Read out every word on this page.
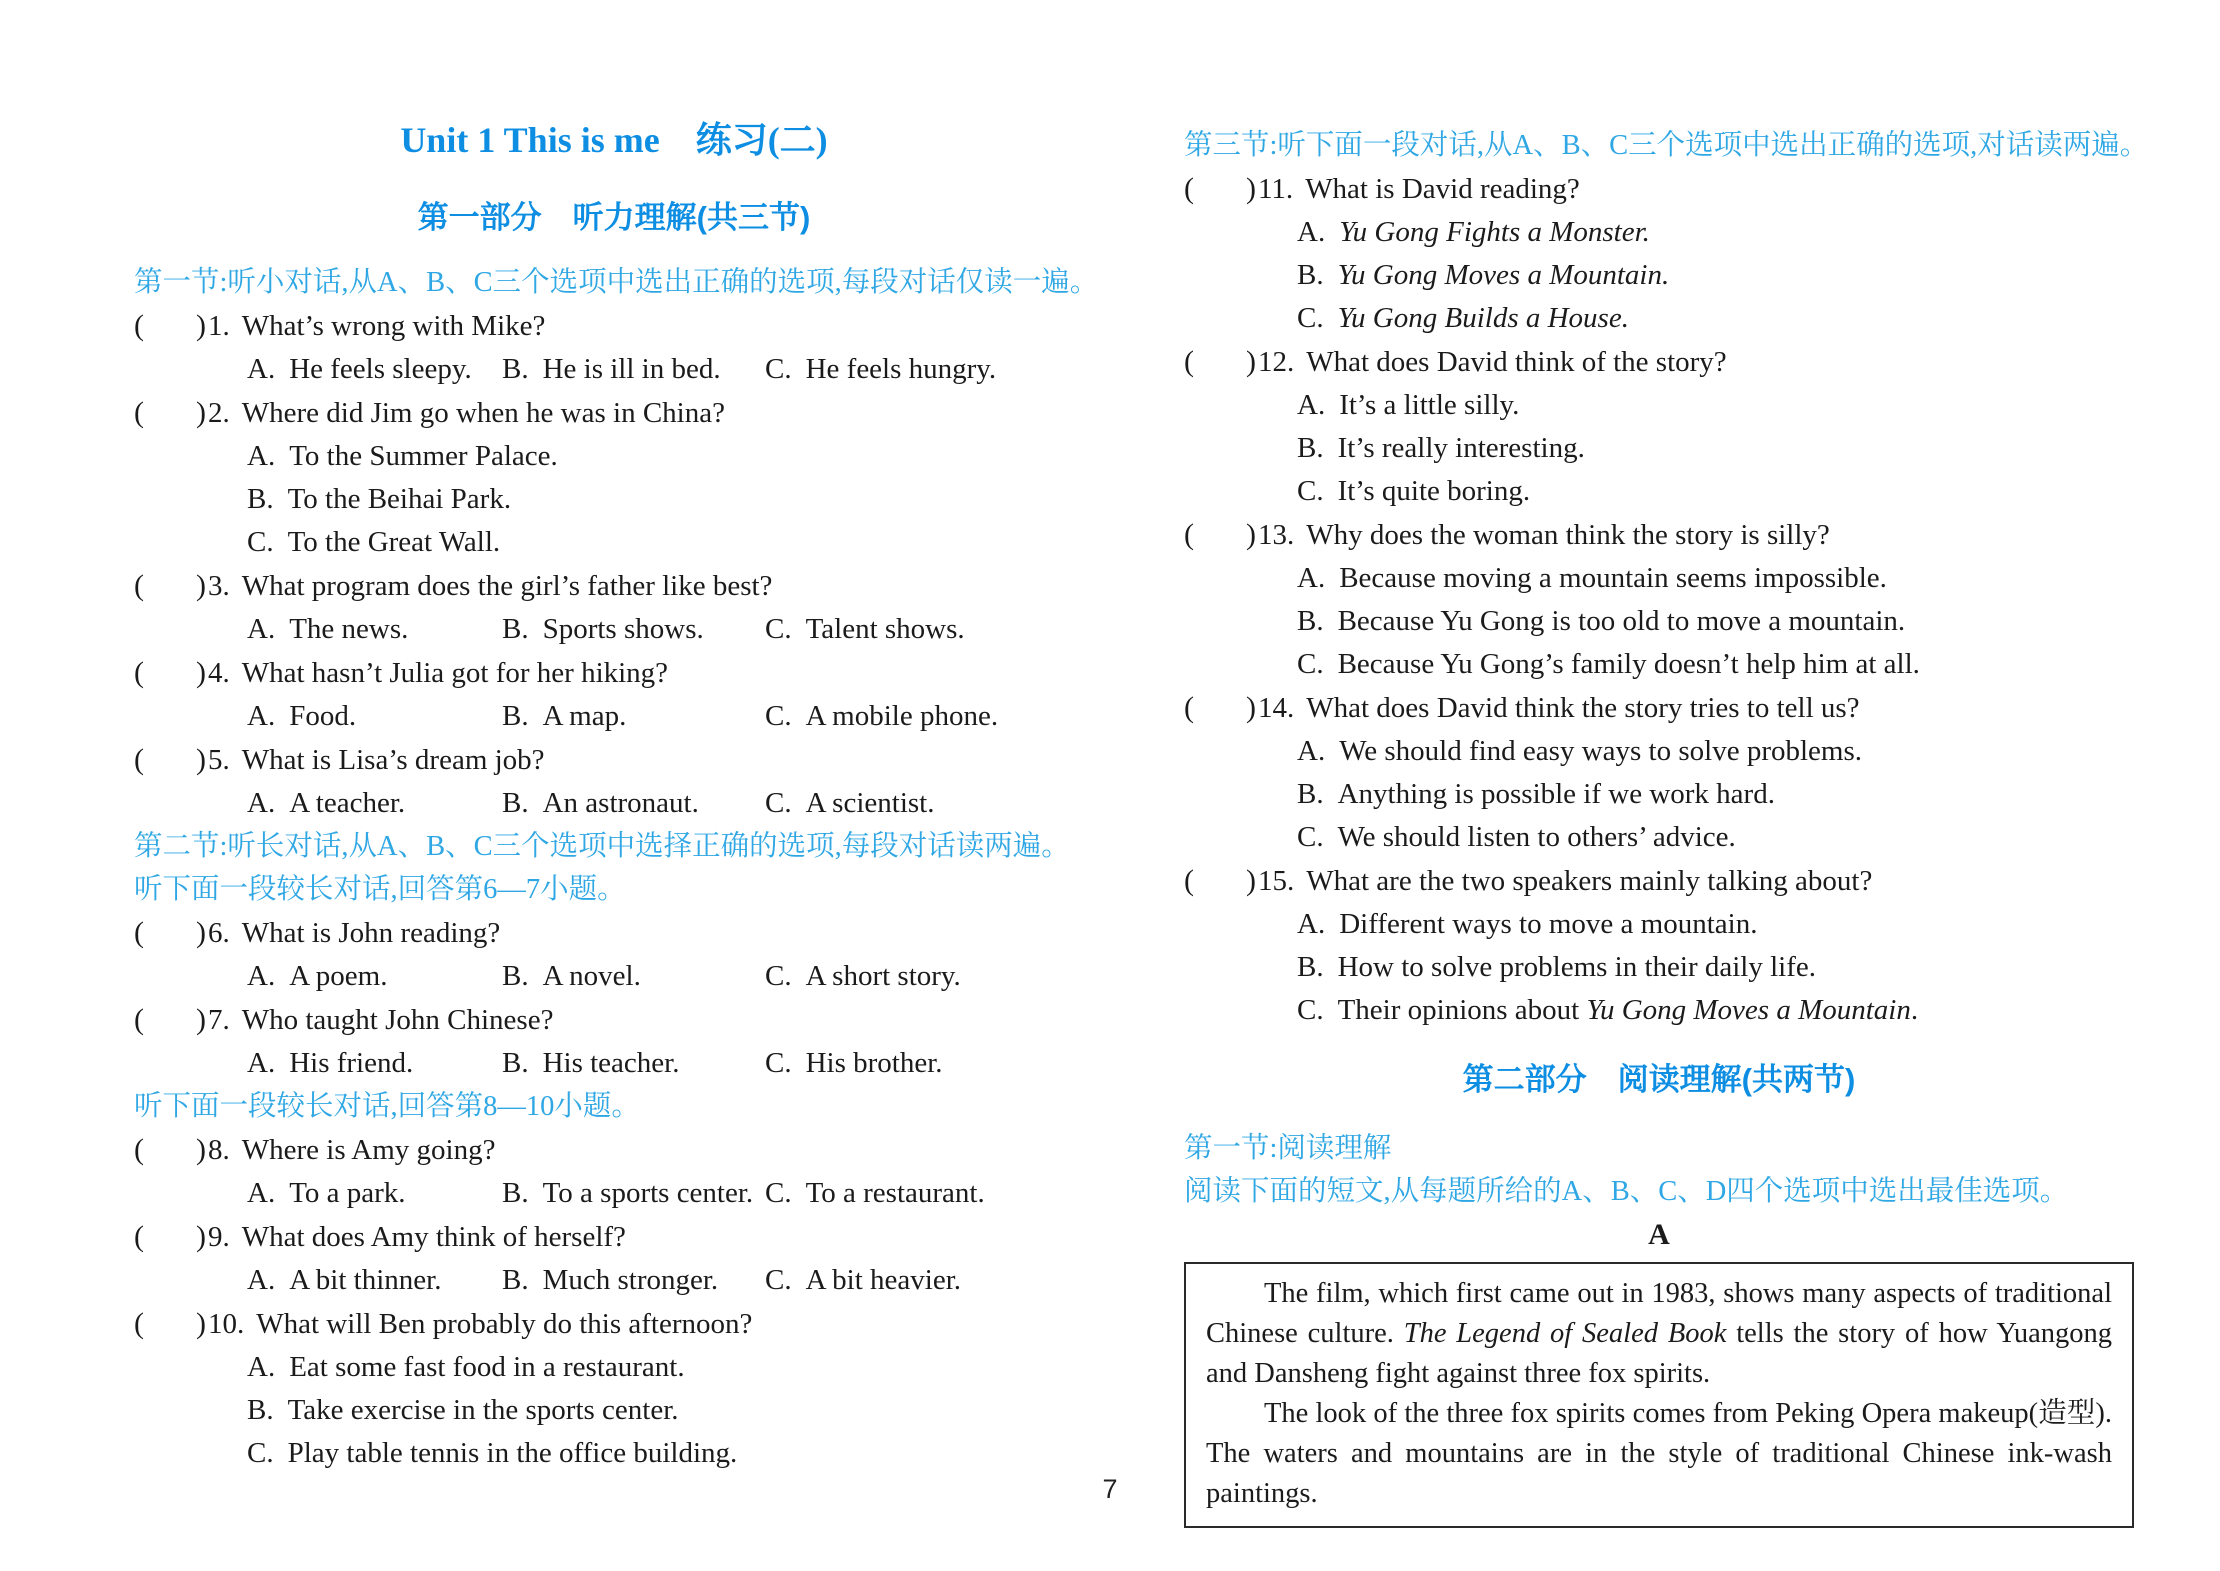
Unit 1 This is me　练习(二)
第一部分　听力理解(共三节)
第一节:听小对话,从A、B、C三个选项中选出正确的选项,每段对话仅读一遍。
( )1. What’s wrong with Mike?
A. He feels sleepy.	B. He is ill in bed.	C. He feels hungry.
( )2. Where did Jim go when he was in China?
A. To the Summer Palace.
B. To the Beihai Park.
C. To the Great Wall.
( )3. What program does the girl’s father like best?
A. The news.	B. Sports shows.	C. Talent shows.
( )4. What hasn’t Julia got for her hiking?
A. Food.	B. A map.	C. A mobile phone.
( )5. What is Lisa’s dream job?
A. A teacher.	B. An astronaut.	C. A scientist.
第二节:听长对话,从A、B、C三个选项中选择正确的选项,每段对话读两遍。
听下面一段较长对话,回答第6—7小题。
( )6. What is John reading?
A. A poem.	B. A novel.	C. A short story.
( )7. Who taught John Chinese?
A. His friend.	B. His teacher.	C. His brother.
听下面一段较长对话,回答第8—10小题。
( )8. Where is Amy going?
A. To a park.	B. To a sports center. C. To a restaurant.
( )9. What does Amy think of herself?
A. A bit thinner.	B. Much stronger.	C. A bit heavier.
( )10. What will Ben probably do this afternoon?
A. Eat some fast food in a restaurant.
B. Take exercise in the sports center.
C. Play table tennis in the office building.
第三节:听下面一段对话,从A、B、C三个选项中选出正确的选项,对话读两遍。
( )11. What is David reading?
A. Yu Gong Fights a Monster.
B. Yu Gong Moves a Mountain.
C. Yu Gong Builds a House.
( )12. What does David think of the story?
A. It’s a little silly.
B. It’s really interesting.
C. It’s quite boring.
( )13. Why does the woman think the story is silly?
A. Because moving a mountain seems impossible.
B. Because Yu Gong is too old to move a mountain.
C. Because Yu Gong’s family doesn’t help him at all.
( )14. What does David think the story tries to tell us?
A. We should find easy ways to solve problems.
B. Anything is possible if we work hard.
C. We should listen to others’ advice.
( )15. What are the two speakers mainly talking about?
A. Different ways to move a mountain.
B. How to solve problems in their daily life.
C. Their opinions about Yu Gong Moves a Mountain.
第二部分　阅读理解(共两节)
第一节:阅读理解
阅读下面的短文,从每题所给的A、B、C、D四个选项中选出最佳选项。
A

The film, which first came out in 1983, shows many aspects of traditional Chinese culture. The Legend of Sealed Book tells the story of how Yuangong and Dansheng fight against three fox spirits.

The look of the three fox spirits comes from Peking Opera makeup(造型). The waters and mountains are in the style of traditional Chinese ink-wash paintings.

7
